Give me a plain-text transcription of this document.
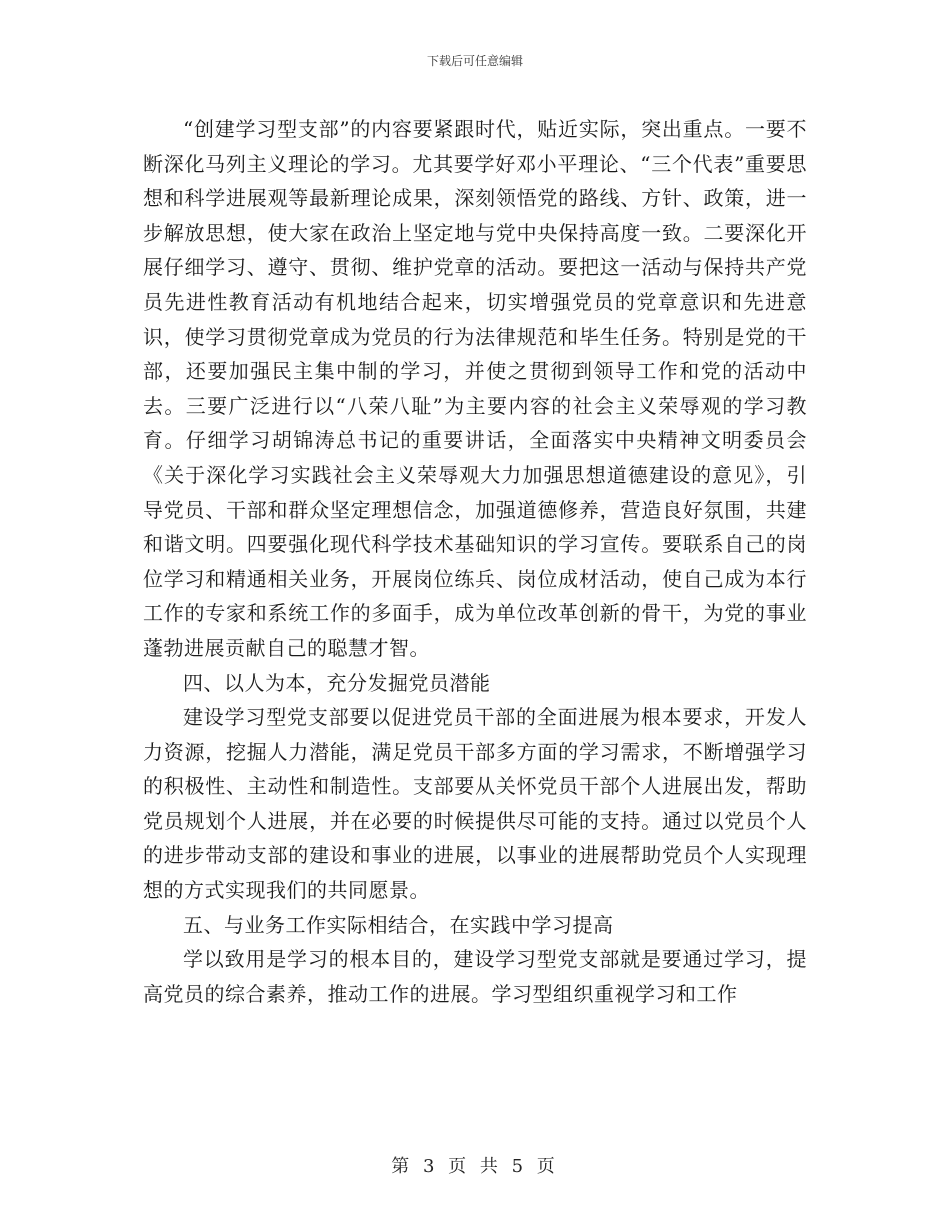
下载后可任意编辑

“创建学习型支部”的内容要紧跟时代，贴近实际，突出重点。一要不断深化马列主义理论的学习。尤其要学好邓小平理论、“三个代表”重要思想和科学进展观等最新理论成果，深刻领悟党的路线、方针、政策，进一步解放思想，使大家在政治上坚定地与党中央保持高度一致。二要深化开展仔细学习、遵守、贯彻、维护党章的活动。要把这一活动与保持共产党员先进性教育活动有机地结合起来，切实增强党员的党章意识和先进意识，使学习贯彻党章成为党员的行为法律规范和毕生任务。特别是党的干部，还要加强民主集中制的学习，并使之贯彻到领导工作和党的活动中去。三要广泛进行以“八荣八耻”为主要内容的社会主义荣辱观的学习教育。仔细学习胡锦涛总书记的重要讲话，全面落实中央精神文明委员会《关于深化学习实践社会主义荣辱观大力加强思想道德建设的意见》，引导党员、干部和群众坚定理想信念，加强道德修养，营造良好氛围，共建和谐文明。四要强化现代科学技术基础知识的学习宣传。要联系自己的岗位学习和精通相关业务，开展岗位练兵、岗位成材活动，使自己成为本行工作的专家和系统工作的多面手，成为单位改革创新的骨干，为党的事业蓬勃进展贡献自己的聪慧才智。

四、以人为本，充分发掘党员潜能

建设学习型党支部要以促进党员干部的全面进展为根本要求，开发人力资源，挖掘人力潜能，满足党员干部多方面的学习需求，不断增强学习的积极性、主动性和制造性。支部要从关怀党员干部个人进展出发，帮助党员规划个人进展，并在必要的时候提供尽可能的支持。通过以党员个人的进步带动支部的建设和事业的进展，以事业的进展帮助党员个人实现理想的方式实现我们的共同愿景。

五、与业务工作实际相结合，在实践中学习提高

学以致用是学习的根本目的，建设学习型党支部就是要通过学习，提高党员的综合素养，推动工作的进展。学习型组织重视学习和工作

第 3 页 共 5 页
